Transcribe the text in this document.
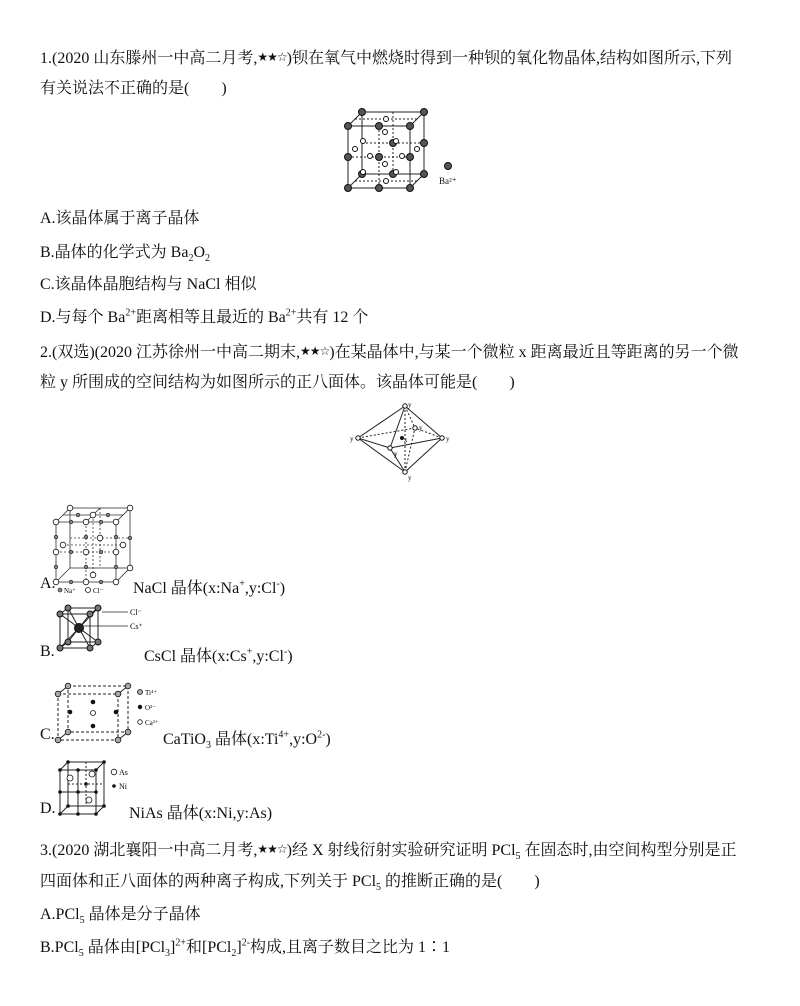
1.(2020 山东滕州一中高二月考,★★☆)钡在氧气中燃烧时得到一种钡的氧化物晶体,结构如图所示,下列
有关说法不正确的是(　　)
Ba²⁺
A.该晶体属于离子晶体
B.晶体的化学式为 $Ba_2O_2$
C.该晶体晶胞结构与 NaCl 相似
D.与每个 $Ba^{2+}$距离相等且最近的 $Ba^{2+}$共有 12 个
2.(双选)(2020 江苏徐州一中高二期末,★★☆)在某晶体中,与某一个微粒 x 距离最近且等距离的另一个微
粒 y 所围成的空间结构为如图所示的正八面体。该晶体可能是(　　)
y
y	y
y
y
y
x
Na⁺ Cl⁻
A.	NaCl 晶体(x:Na+,y:Cl-)
Cl⁻
Cs⁺
B.	CsCl 晶体(x:Cs+,y:Cl-)
Ti⁴⁺
O²⁻
Ca²⁺
C.	CaTiO$_3$ 晶体$(x:Ti^{4+},y:O^{2-})$
As
Ni
D.	NiAs 晶体(x:Ni,y:As)
3.(2020 湖北襄阳一中高二月考,★★☆)经 X 射线衍射实验研究证明 PCl$_5$ 在固态时,由空间构型分别是正
四面体和正八面体的两种离子构成,下列关于 PCl$_5$ 的推断正确的是(　　)
A.PCl$_5$ 晶体是分子晶体
B.PCl$_5$ 晶体由$[PCl_3]^{2+}$和$[PCl_2]^{2-}$构成,且离子数目之比为 1∶1
